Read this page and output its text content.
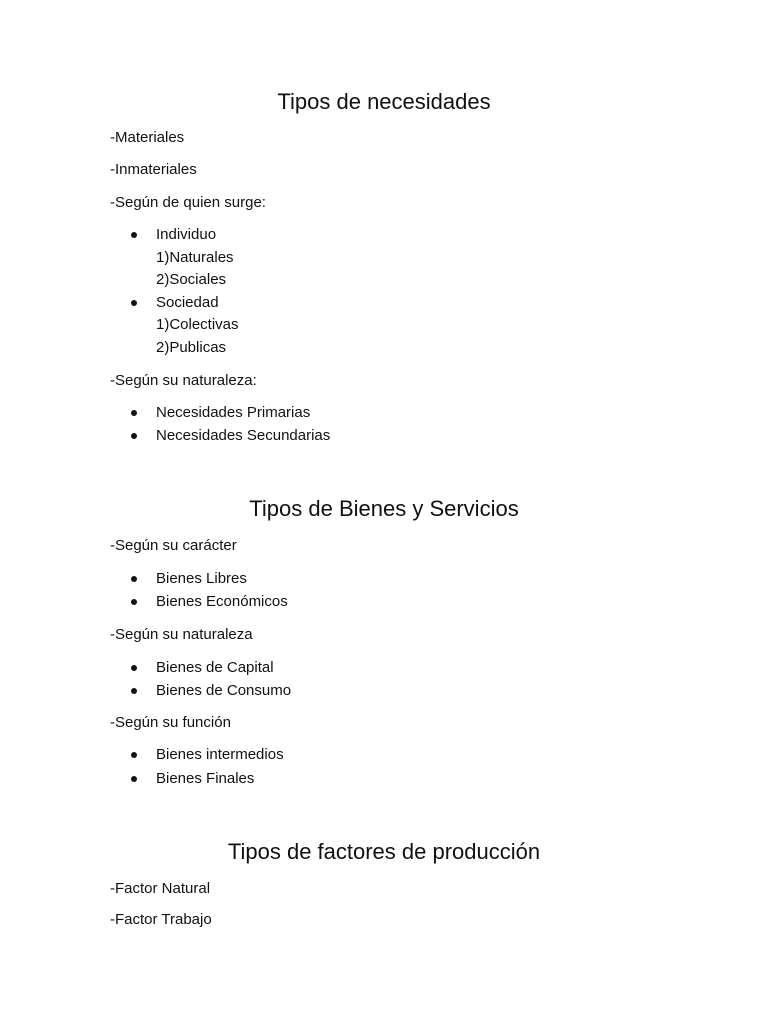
Tipos de necesidades
-Materiales
-Inmateriales
-Según de quien surge:
Individuo
1)Naturales
2)Sociales
Sociedad
1)Colectivas
2)Publicas
-Según su naturaleza:
Necesidades Primarias
Necesidades Secundarias
Tipos de Bienes y Servicios
-Según su carácter
Bienes Libres
Bienes Económicos
-Según su naturaleza
Bienes de Capital
Bienes de Consumo
-Según su función
Bienes intermedios
Bienes Finales
Tipos de factores de producción
-Factor Natural
-Factor Trabajo
